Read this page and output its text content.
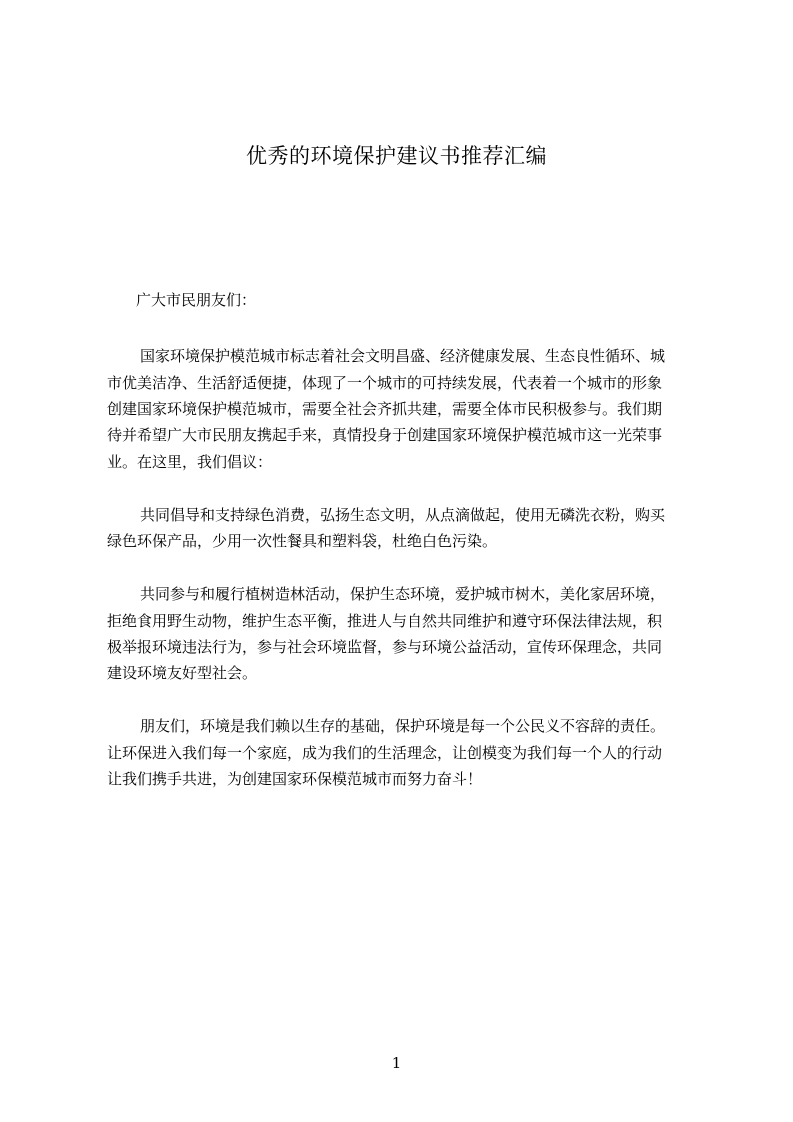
优秀的环境保护建议书推荐汇编
广大市民朋友们：
国家环境保护模范城市标志着社会文明昌盛、经济健康发展、生态良性循环、城
市优美洁净、生活舒适便捷，体现了一个城市的可持续发展，代表着一个城市的形象
创建国家环境保护模范城市，需要全社会齐抓共建，需要全体市民积极参与。我们期
待并希望广大市民朋友携起手来，真情投身于创建国家环境保护模范城市这一光荣事
业。在这里，我们倡议：
共同倡导和支持绿色消费，弘扬生态文明，从点滴做起，使用无磷洗衣粉，购买
绿色环保产品，少用一次性餐具和塑料袋，杜绝白色污染。
共同参与和履行植树造林活动，保护生态环境，爱护城市树木，美化家居环境，
拒绝食用野生动物，维护生态平衡，推进人与自然共同维护和遵守环保法律法规，积
极举报环境违法行为，参与社会环境监督，参与环境公益活动，宣传环保理念，共同
建设环境友好型社会。
朋友们，环境是我们赖以生存的基础，保护环境是每一个公民义不容辞的责任。
让环保进入我们每一个家庭，成为我们的生活理念，让创模变为我们每一个人的行动
让我们携手共进，为创建国家环保模范城市而努力奋斗！
1
